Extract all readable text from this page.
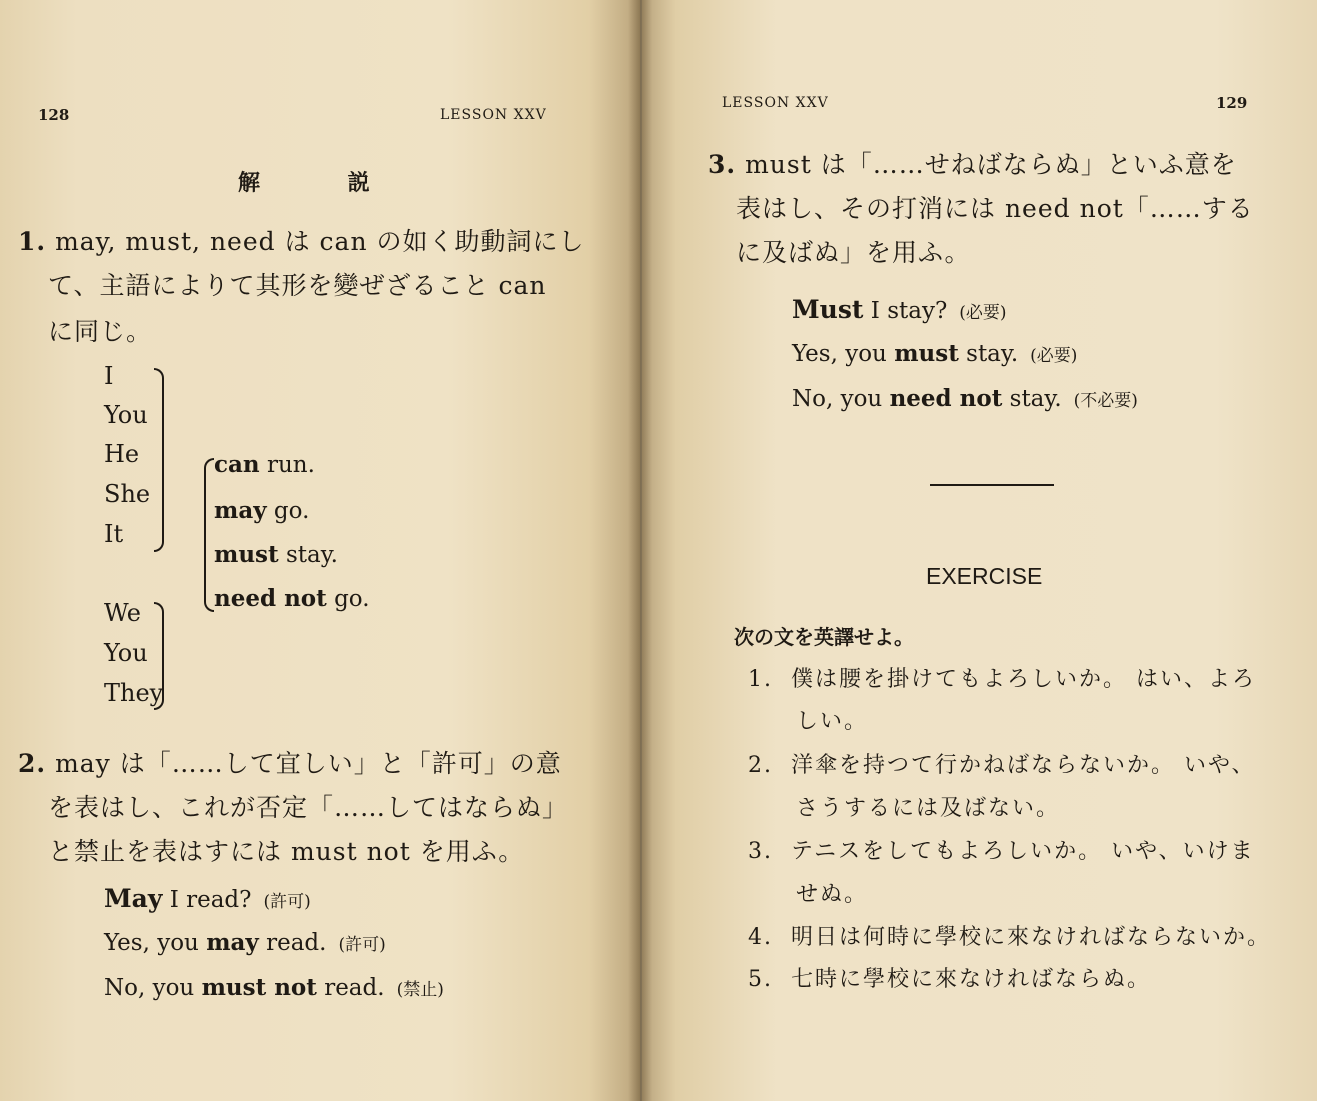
128	LESSON XXV
解 説
1. may, must, need は can の如く助動詞にし
て、主語によりて其形を變ぜざること can
に同じ。
I
You
He
She
It
We
You
They
can run.
may go.
must stay.
need not go.
2. may は「……して宜しい」と「許可」の意
を表はし、これが否定「……してはならぬ」
と禁止を表はすには must not を用ふ。
May I read? (許可)
Yes, you may read. (許可)
No, you must not read. (禁止)
LESSON XXV	129
3. must は「……せねばならぬ」といふ意を
表はし、その打消には need not「……する
に及ばぬ」を用ふ。
Must I stay? (必要)
Yes, you must stay. (必要)
No, you need not stay. (不必要)
EXERCISE
次の文を英譯せよ。
1. 僕は腰を掛けてもよろしいか。 はい、よろ
しい。
2. 洋傘を持つて行かねばならないか。 いや、
さうするには及ばない。
3. テニスをしてもよろしいか。 いや、いけま
せぬ。
4. 明日は何時に學校に來なければならないか。
5. 七時に學校に來なければならぬ。
